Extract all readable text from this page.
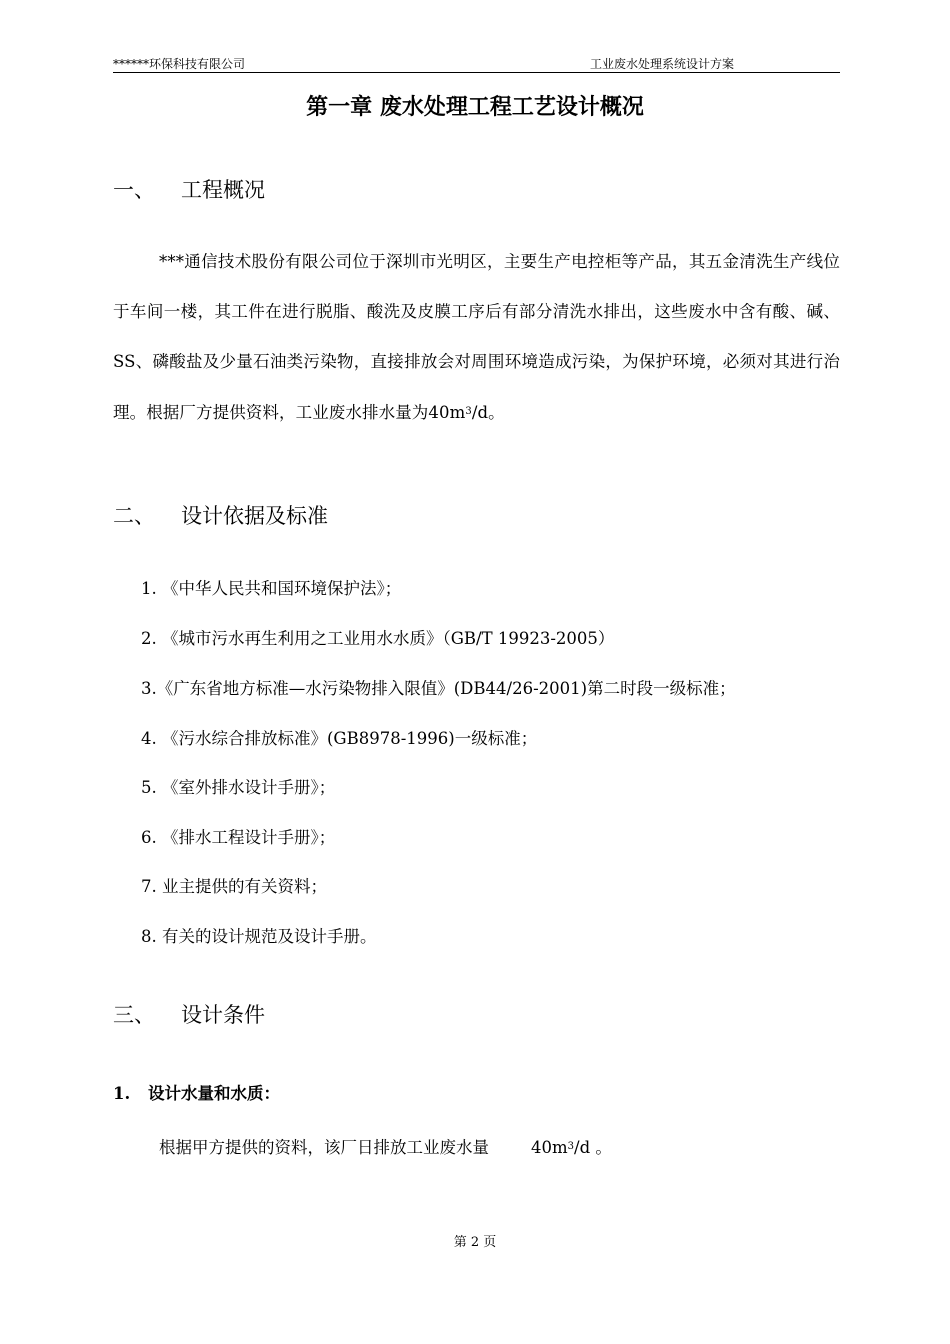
******环保科技有限公司	工业废水处理系统设计方案
第一章 废水处理工程工艺设计概况
一、 工程概况
***通信技术股份有限公司位于深圳市光明区，主要生产电控柜等产品，其五金清洗生产线位于车间一楼，其工件在进行脱脂、酸洗及皮膜工序后有部分清洗水排出，这些废水中含有酸、碱、SS、磷酸盐及少量石油类污染物，直接排放会对周围环境造成污染，为保护环境，必须对其进行治理。根据厂方提供资料，工业废水排水量为$40m^3/d$。
二、 设计依据及标准
1. 《中华人民共和国环境保护法》；
2. 《城市污水再生利用之工业用水水质》（GB/T 19923-2005）
3.《广东省地方标准—水污染物排入限值》(DB44/26-2001)第二时段一级标准；
4. 《污水综合排放标准》(GB8978-1996)一级标准；
5. 《室外排水设计手册》；
6. 《排水工程设计手册》；
7. 业主提供的有关资料；
8. 有关的设计规范及设计手册。
三、 设计条件
1. 设计水量和水质：
根据甲方提供的资料，该厂日排放工业废水量	$40m^3/d$ 。
第 2 页
